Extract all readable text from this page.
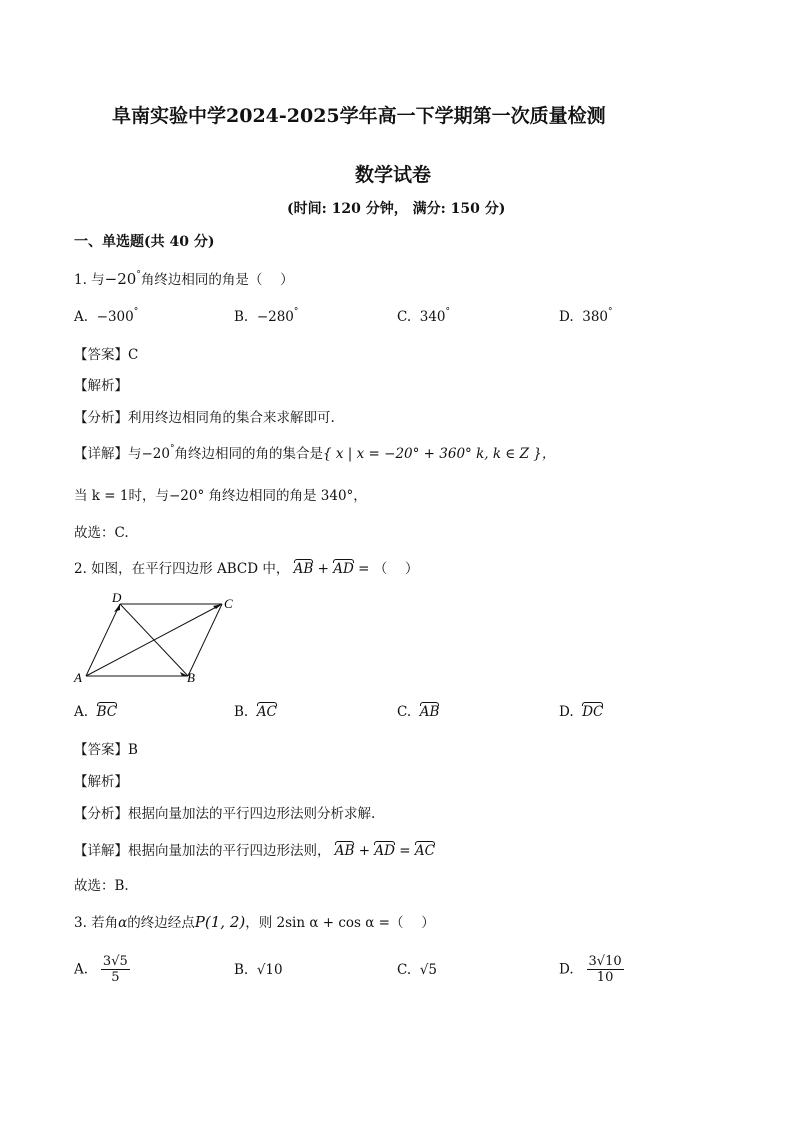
阜南实验中学2024-2025学年高一下学期第一次质量检测
数学试卷
(时间: 120 分钟， 满分: 150 分)
一、单选题(共 40 分)
1. 与−20°角终边相同的角是（　 ）
A. −300°	B. −280°	C. 340°	D. 380°
【答案】C
【解析】
【分析】利用终边相同角的集合来求解即可.
【详解】与−20°角终边相同的角的集合是{ x | x = −20° + 360° k, k ∈ Z }，
当 k = 1时，与−20° 角终边相同的角是 340°，
故选：C.
2. 如图，在平行四边形 ABCD 中， AB + AD = （　 ）
A	B
C
D
A. BC	B. AC	C. AB	D. DC
【答案】B
【解析】
【分析】根据向量加法的平行四边形法则分析求解.
【详解】根据向量加法的平行四边形法则， AB + AD = AC
故选：B.
3. 若角α的终边经点P(1, 2)，则 2sin α + cos α =（　 ）
A. $\frac{3√5}{5}$	B. √10	C. √5	D. $\frac{3√10}{10}$
